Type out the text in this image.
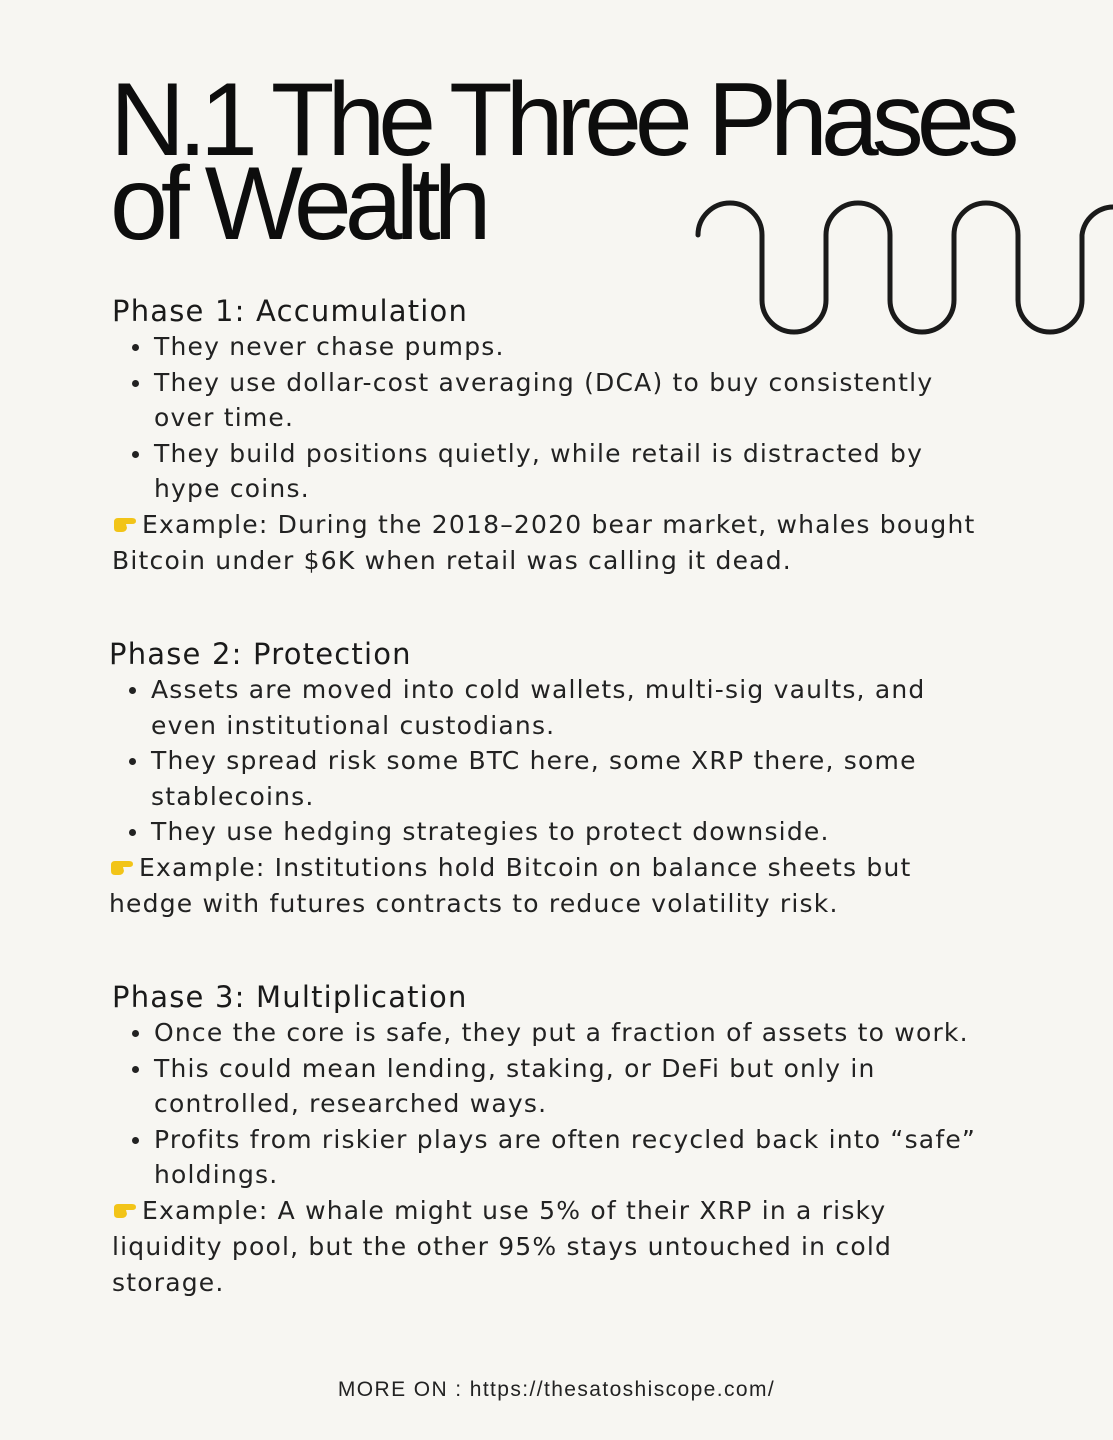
N.1 The Three Phases
of Wealth
Phase 1: Accumulation
They never chase pumps.
They use dollar-cost averaging (DCA) to buy consistently over time.
They build positions quietly, while retail is distracted by hype coins.

Example: During the 2018–2020 bear market, whales bought Bitcoin under $6K when retail was calling it dead.

Phase 2: Protection
Assets are moved into cold wallets, multi-sig vaults, and even institutional custodians.
They spread risk some BTC here, some XRP there, some stablecoins.
They use hedging strategies to protect downside.

Example: Institutions hold Bitcoin on balance sheets but hedge with futures contracts to reduce volatility risk.

Phase 3: Multiplication
Once the core is safe, they put a fraction of assets to work.
This could mean lending, staking, or DeFi but only in controlled, researched ways.
Profits from riskier plays are often recycled back into “safe” holdings.

Example: A whale might use 5% of their XRP in a risky liquidity pool, but the other 95% stays untouched in cold storage.

MORE ON : https://thesatoshiscope.com/
